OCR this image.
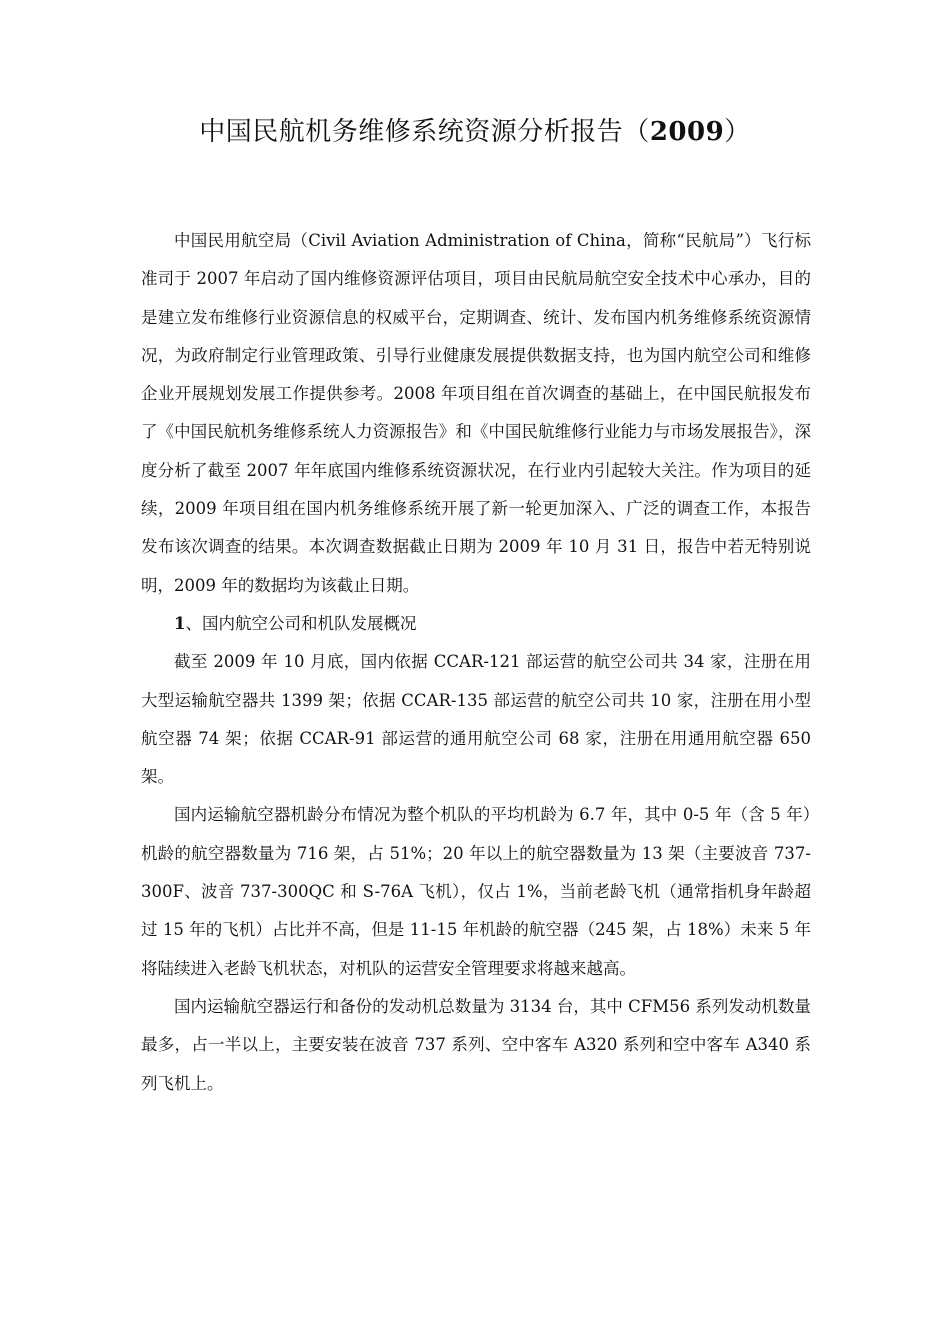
中国民航机务维修系统资源分析报告（2009）

中国民用航空局（Civil Aviation Administration of China，简称“民航局”）飞行标准司于 2007 年启动了国内维修资源评估项目，项目由民航局航空安全技术中心承办，目的是建立发布维修行业资源信息的权威平台，定期调查、统计、发布国内机务维修系统资源情况，为政府制定行业管理政策、引导行业健康发展提供数据支持，也为国内航空公司和维修企业开展规划发展工作提供参考。2008 年项目组在首次调查的基础上，在中国民航报发布了《中国民航机务维修系统人力资源报告》和《中国民航维修行业能力与市场发展报告》，深度分析了截至 2007 年年底国内维修系统资源状况，在行业内引起较大关注。作为项目的延续，2009 年项目组在国内机务维修系统开展了新一轮更加深入、广泛的调查工作，本报告发布该次调查的结果。本次调查数据截止日期为 2009 年 10 月 31 日，报告中若无特别说明，2009 年的数据均为该截止日期。

1、国内航空公司和机队发展概况

截至 2009 年 10 月底，国内依据 CCAR-121 部运营的航空公司共 34 家，注册在用大型运输航空器共 1399 架；依据 CCAR-135 部运营的航空公司共 10 家，注册在用小型航空器 74 架；依据 CCAR-91 部运营的通用航空公司 68 家，注册在用通用航空器 650 架。

国内运输航空器机龄分布情况为整个机队的平均机龄为 6.7 年，其中 0-5 年（含 5 年）机龄的航空器数量为 716 架，占 51%；20 年以上的航空器数量为 13 架（主要波音 737-300F、波音 737-300QC 和 S-76A 飞机），仅占 1%，当前老龄飞机（通常指机身年龄超过 15 年的飞机）占比并不高，但是 11-15 年机龄的航空器（245 架，占 18%）未来 5 年将陆续进入老龄飞机状态，对机队的运营安全管理要求将越来越高。

国内运输航空器运行和备份的发动机总数量为 3134 台，其中 CFM56 系列发动机数量最多，占一半以上，主要安装在波音 737 系列、空中客车 A320 系列和空中客车 A340 系列飞机上。
